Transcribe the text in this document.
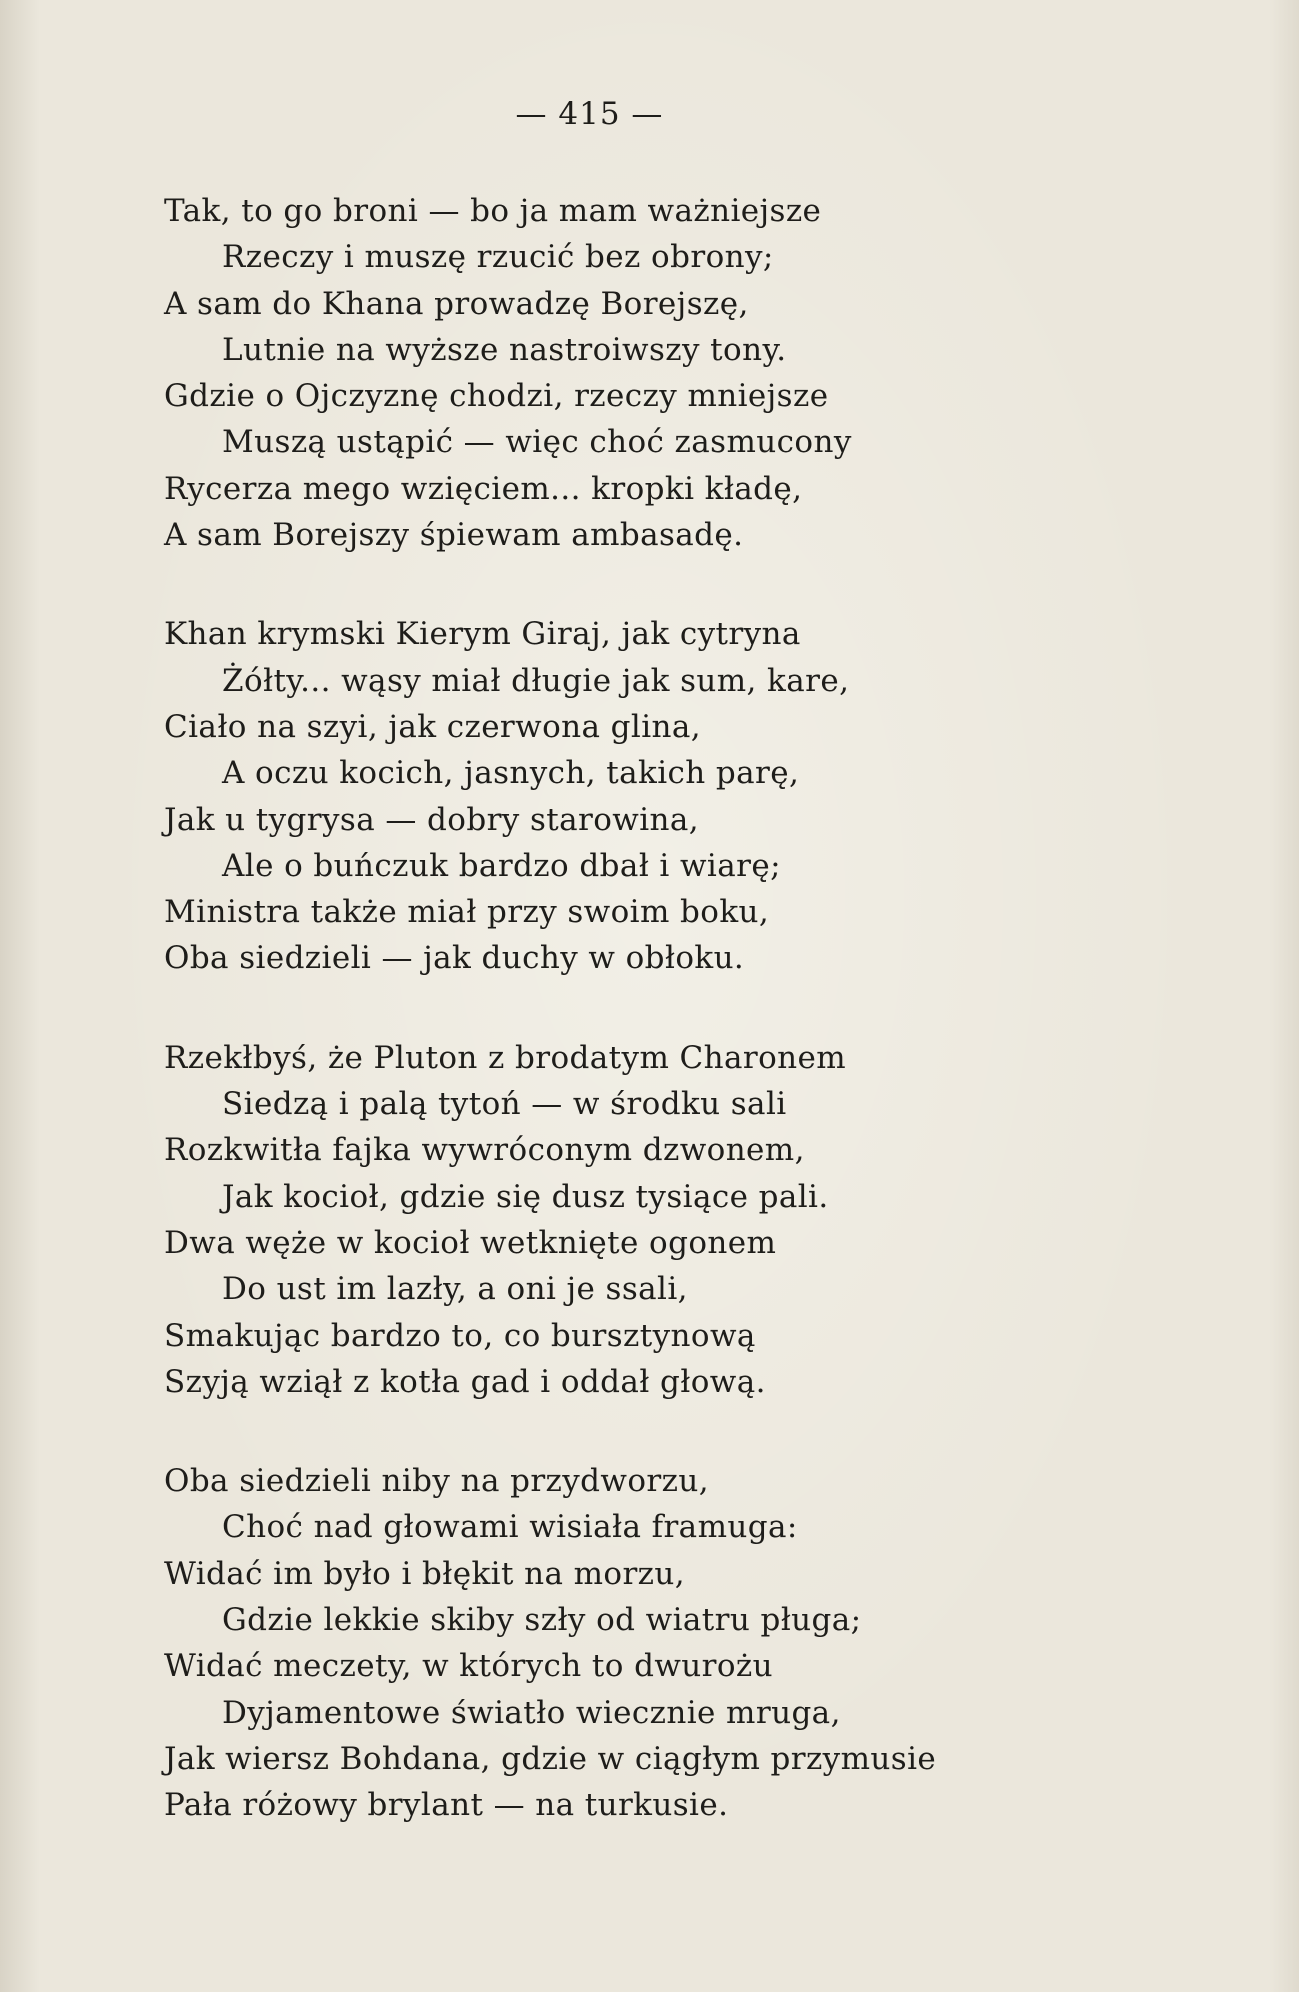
— 415 —
Tak, to go broni — bo ja mam ważniejsze
Rzeczy i muszę rzucić bez obrony;
A sam do Khana prowadzę Borejszę,
Lutnie na wyższe nastroiwszy tony.
Gdzie o Ojczyznę chodzi, rzeczy mniejsze
Muszą ustąpić — więc choć zasmucony
Rycerza mego wzięciem... kropki kładę,
A sam Borejszy śpiewam ambasadę.
Khan krymski Kierym Giraj, jak cytryna
Żółty... wąsy miał długie jak sum, kare,
Ciało na szyi, jak czerwona glina,
A oczu kocich, jasnych, takich parę,
Jak u tygrysa — dobry starowina,
Ale o buńczuk bardzo dbał i wiarę;
Ministra także miał przy swoim boku,
Oba siedzieli — jak duchy w obłoku.
Rzekłbyś, że Pluton z brodatym Charonem
Siedzą i palą tytoń — w środku sali
Rozkwitła fajka wywróconym dzwonem,
Jak kocioł, gdzie się dusz tysiące pali.
Dwa węże w kocioł wetknięte ogonem
Do ust im lazły, a oni je ssali,
Smakując bardzo to, co bursztynową
Szyją wziął z kotła gad i oddał głową.
Oba siedzieli niby na przydworzu,
Choć nad głowami wisiała framuga:
Widać im było i błękit na morzu,
Gdzie lekkie skiby szły od wiatru pługa;
Widać meczety, w których to dwurożu
Dyjamentowe światło wiecznie mruga,
Jak wiersz Bohdana, gdzie w ciągłym przymusie
Pała różowy brylant — na turkusie.
